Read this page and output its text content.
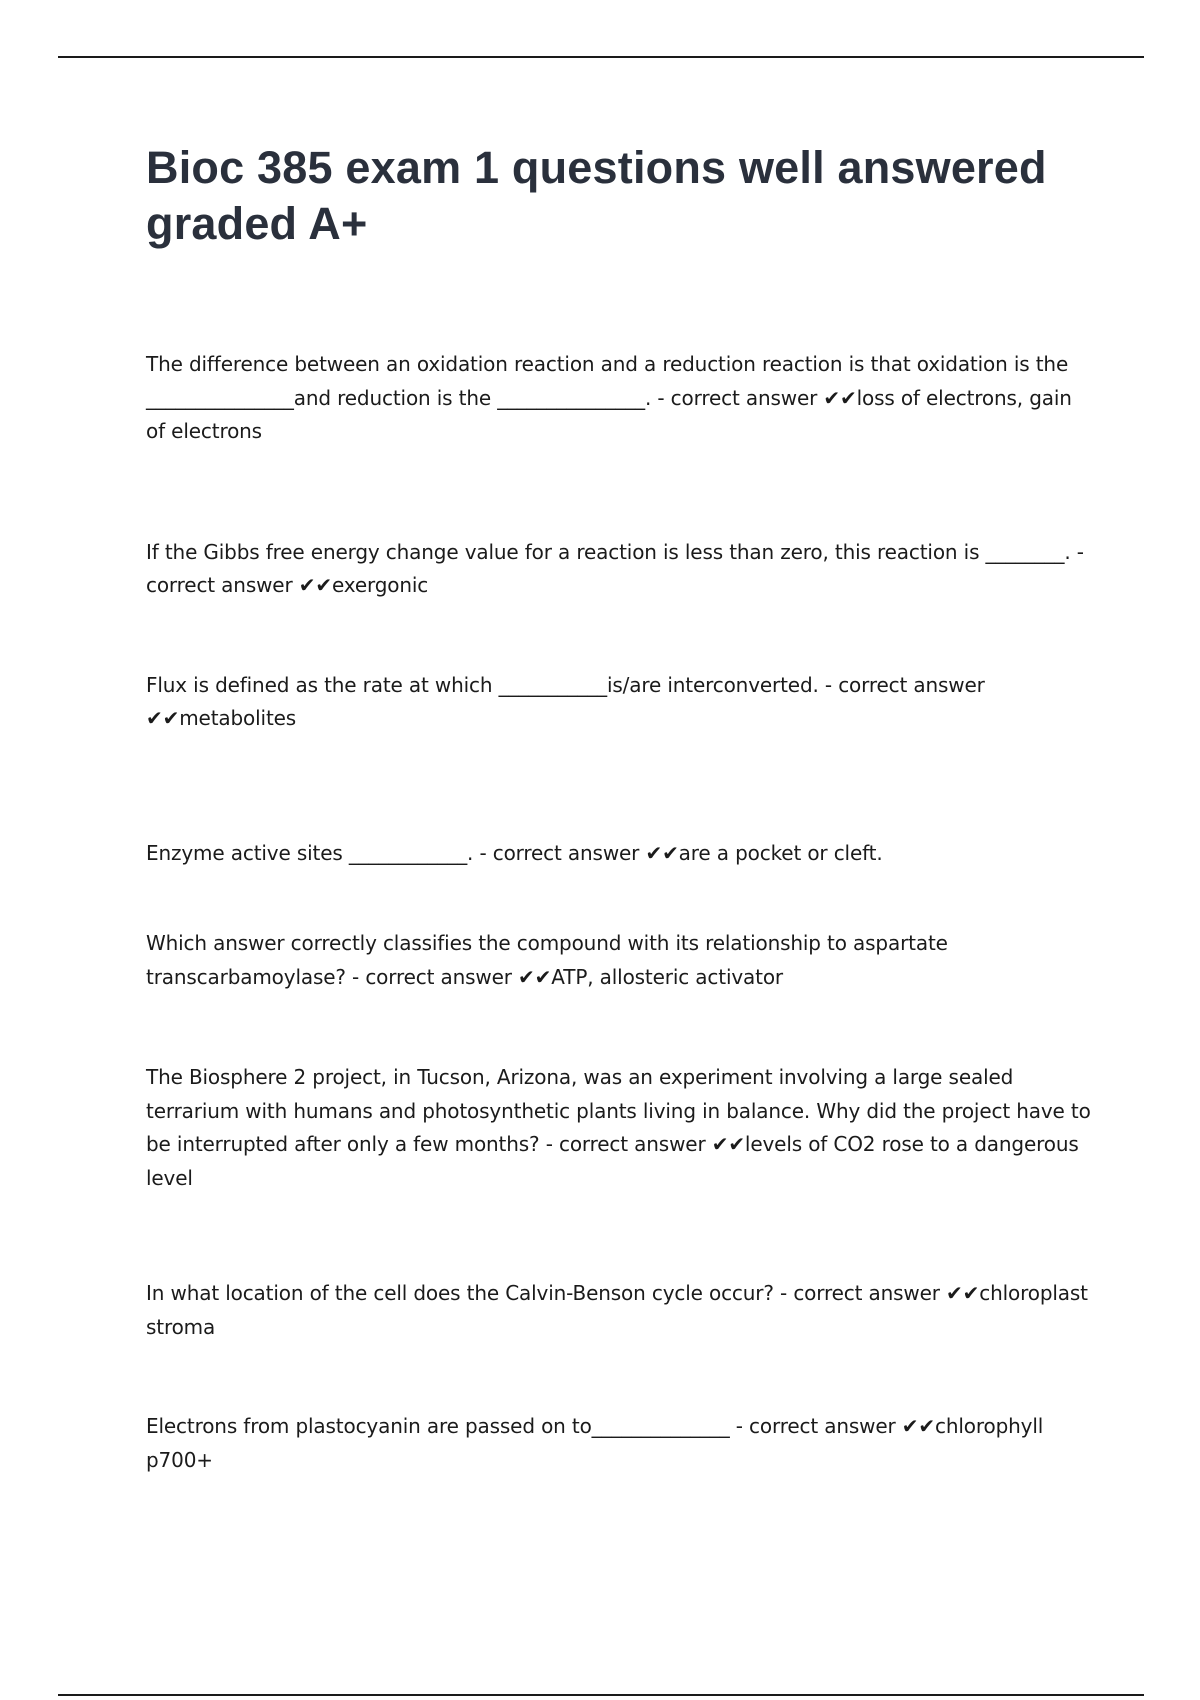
Bioc 385 exam 1 questions well answered graded A+

The difference between an oxidation reaction and a reduction reaction is that oxidation is the _______________and reduction is the _______________. - correct answer ✔✔loss of electrons, gain of electrons

If the Gibbs free energy change value for a reaction is less than zero, this reaction is ________. - correct answer ✔✔exergonic

Flux is defined as the rate at which ___________is/are interconverted. - correct answer ✔✔metabolites

Enzyme active sites ____________. - correct answer ✔✔are a pocket or cleft.

Which answer correctly classifies the compound with its relationship to aspartate transcarbamoylase? - correct answer ✔✔ATP, allosteric activator

The Biosphere 2 project, in Tucson, Arizona, was an experiment involving a large sealed terrarium with humans and photosynthetic plants living in balance. Why did the project have to be interrupted after only a few months? - correct answer ✔✔levels of CO2 rose to a dangerous level

In what location of the cell does the Calvin-Benson cycle occur? - correct answer ✔✔chloroplast stroma

Electrons from plastocyanin are passed on to______________ - correct answer ✔✔chlorophyll p700+
